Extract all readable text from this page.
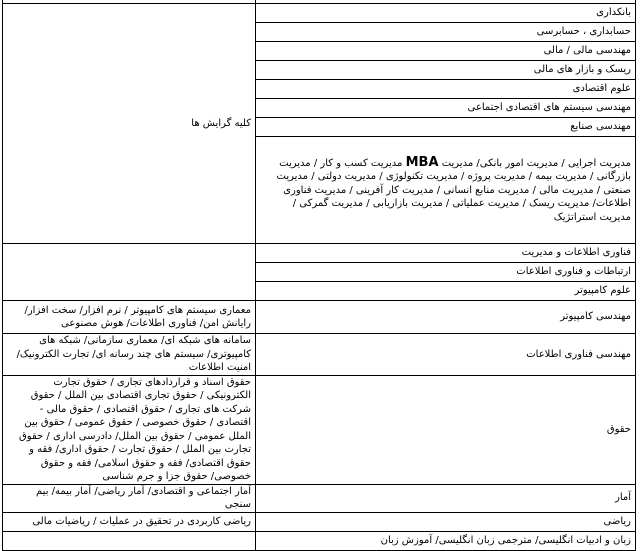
کلیه گرایش ها	بانکداری
	حسابداری ، حسابرسی
	مهندسی مالی / مالی
	ریسک و بازار های مالی
	علوم اقتصادی
	مهندسی سیستم های اقتصادی اجتماعی
	مهندسی صنایع
	مدیریت اجرایی / مدیریت امور بانکی/ مدیریت MBA مدیریت کسب و کار / مدیریت بازرگانی / مدیریت بیمه / مدیریت پروژه / مدیریت تکنولوژی / مدیریت دولتی / مدیریت صنعتی / مدیریت مالی / مدیریت منابع انسانی / مدیریت کار آفرینی / مدیریت فناوری اطلاعات/ مدیریت ریسک / مدیریت عملیاتی / مدیریت بازاریابی / مدیریت گمرکی / مدیریت استراتژیک
	فناوری اطلاعات و مدیریت
	ارتباطات و فناوری اطلاعات
	علوم کامپیوتر
معماری سیستم های کامپیوتر / نرم افزار/ سخت افزار/ رایانش امن/ فناوری اطلاعات/ هوش مصنوعی	مهندسی کامپیوتر
سامانه های شبکه ای/ معماری سازمانی/ شبکه های کامپیوتری/ سیستم های چند رسانه ای/ تجارت الکترونیک/ امنیت اطلاعات	مهندسی فناوری اطلاعات
حقوق اسناد و قراردادهای تجاری / حقوق تجارت الکترونیکی / حقوق تجاری اقتصادی بین الملل / حقوق شرکت های تجاری / حقوق اقتصادی / حقوق مالی - اقتصادی / حقوق خصوصی / حقوق عمومی / حقوق بین الملل عمومی / حقوق بین الملل/ دادرسی اداری / حقوق تجارت بین الملل / حقوق تجارت / حقوق اداری/ فقه و حقوق اقتصادی/ فقه و حقوق اسلامی/ فقه و حقوق خصوصی/ حقوق جزا و جرم شناسی	حقوق
آمار اجتماعی و اقتصادی/ آمار ریاضی/ آمار بیمه/ بیم سنجی	آمار
ریاضی کاربردی در تحقیق در عملیات / ریاضیات مالی	ریاضی
	زبان و ادبیات انگلیسی/ مترجمی زبان انگلیسی/ آموزش زبان
